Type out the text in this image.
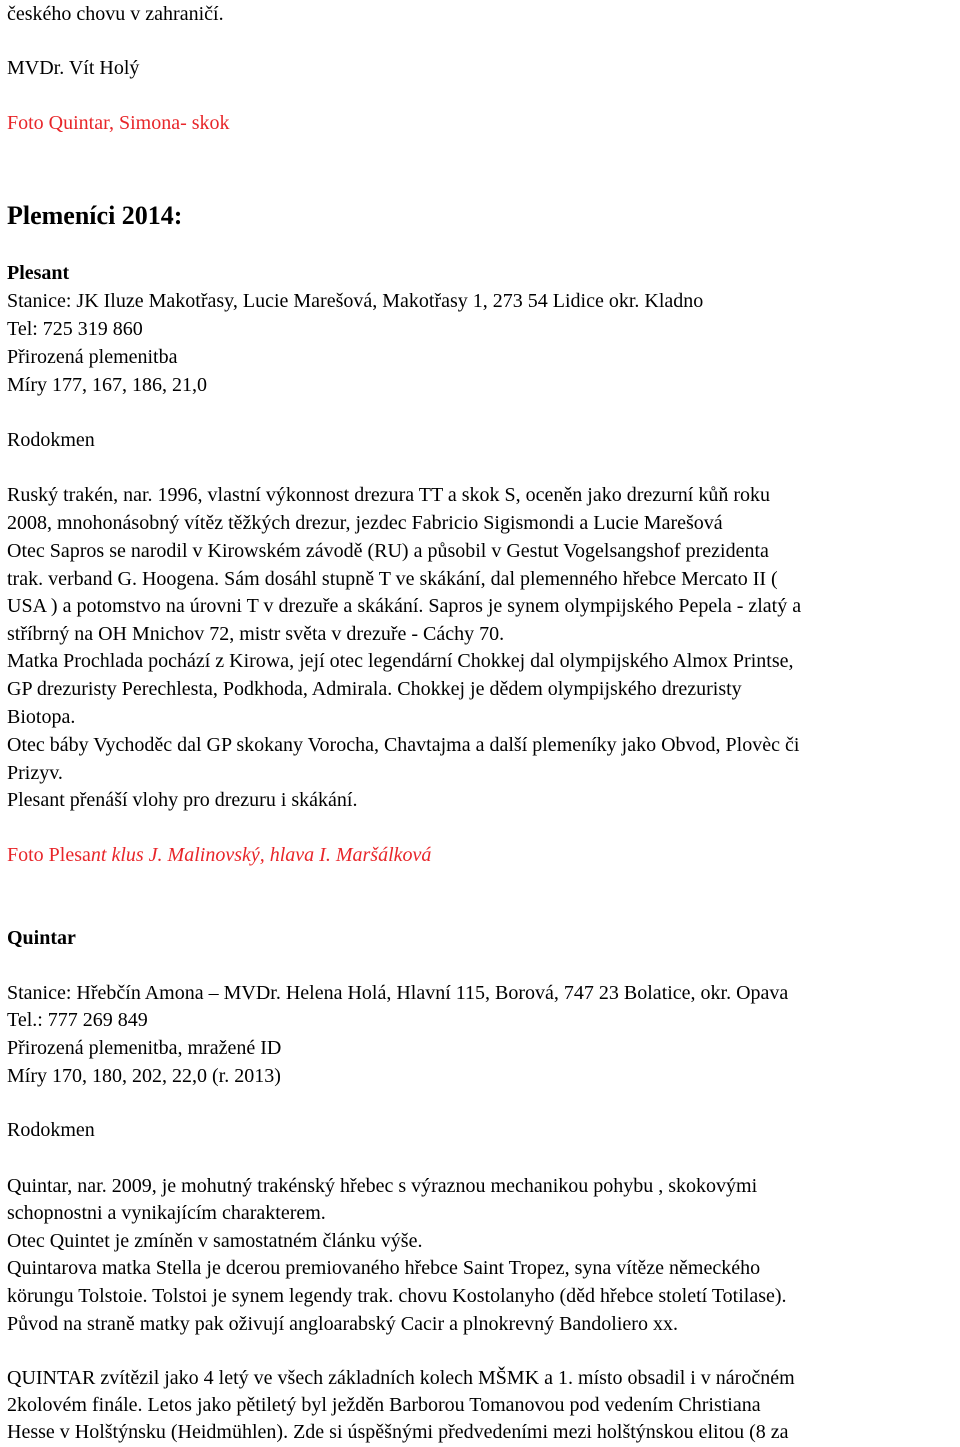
českého chovu v zahraničí.
MVDr. Vít Holý
Foto Quintar, Simona- skok
Plemeníci 2014:
Plesant
Stanice: JK Iluze Makotřasy, Lucie Marešová, Makotřasy 1, 273 54 Lidice okr. Kladno
Tel: 725 319 860
Přirozená plemenitba
Míry 177, 167, 186, 21,0
Rodokmen
Ruský trakén, nar. 1996, vlastní výkonnost drezura TT a skok S, oceněn jako drezurní kůň roku
2008, mnohonásobný vítěz těžkých drezur, jezdec Fabricio Sigismondi a Lucie Marešová
Otec Sapros se narodil v Kirowském závodě (RU) a působil v Gestut Vogelsangshof prezidenta
trak. verband G. Hoogena. Sám dosáhl stupně T ve skákání, dal plemenného hřebce Mercato II (
USA ) a potomstvo na úrovni T v drezuře a skákání. Sapros je synem olympijského Pepela - zlatý a
stříbrný na OH Mnichov 72, mistr světa v drezuře - Cáchy 70.
Matka Prochlada pochází z Kirowa, její otec legendární Chokkej dal olympijského Almox Printse,
GP drezuristy Perechlesta, Podkhoda, Admirala. Chokkej je dědem olympijského drezuristy
Biotopa.
Otec báby Vychoděc dal GP skokany Vorocha, Chavtajma a další plemeníky jako Obvod, Plovèc či
Prizyv.
Plesant přenáší vlohy pro drezuru i skákání.
Foto Plesant klus J. Malinovský, hlava I. Maršálková
Quintar
Stanice: Hřebčín Amona – MVDr. Helena Holá, Hlavní 115, Borová, 747 23 Bolatice, okr. Opava
Tel.: 777 269 849
Přirozená plemenitba, mražené ID
Míry 170, 180, 202, 22,0 (r. 2013)
Rodokmen
Quintar, nar. 2009, je mohutný trakénský hřebec s výraznou mechanikou pohybu , skokovými
schopnostni a vynikajícím charakterem.
Otec Quintet je zmíněn v samostatném článku výše.
Quintarova matka Stella je dcerou premiovaného hřebce Saint Tropez, syna vítěze německého
körungu Tolstoie. Tolstoi je synem legendy trak. chovu Kostolanyho (děd hřebce století Totilase).
Původ na straně matky pak oživují angloarabský Cacir a plnokrevný Bandoliero xx.
QUINTAR zvítězil jako 4 letý ve všech základních kolech MŠMK a 1. místo obsadil i v náročném
2kolovém finále. Letos jako pětiletý byl ježděn Barborou Tomanovou pod vedením Christiana
Hesse v Holštýnsku (Heidmühlen). Zde si úspěšnými předvedeními mezi holštýnskou elitou (8 za
